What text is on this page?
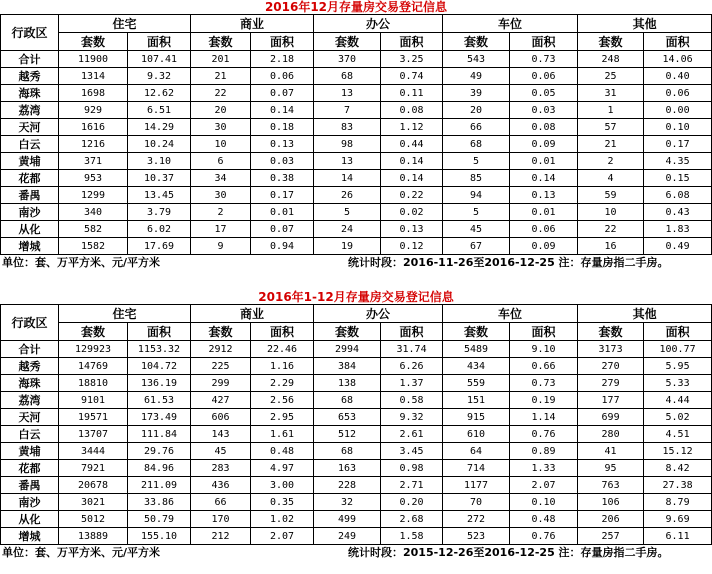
2016年12月存量房交易登记信息
行政区	住宅		商业		办公		车位		其他	
	套数	面积	套数	面积	套数	面积	套数	面积	套数	面积
合计	11900	107.41	201	2.18	370	3.25	543	0.73	248	14.06
越秀	1314	9.32	21	0.06	68	0.74	49	0.06	25	0.40
海珠	1698	12.62	22	0.07	13	0.11	39	0.05	31	0.06
荔湾	929	6.51	20	0.14	7	0.08	20	0.03	1	0.00
天河	1616	14.29	30	0.18	83	1.12	66	0.08	57	0.10
白云	1216	10.24	10	0.13	98	0.44	68	0.09	21	0.17
黄埔	371	3.10	6	0.03	13	0.14	5	0.01	2	4.35
花都	953	10.37	34	0.38	14	0.14	85	0.14	4	0.15
番禺	1299	13.45	30	0.17	26	0.22	94	0.13	59	6.08
南沙	340	3.79	2	0.01	5	0.02	5	0.01	10	0.43
从化	582	6.02	17	0.07	24	0.13	45	0.06	22	1.83
增城	1582	17.69	9	0.94	19	0.12	67	0.09	16	0.49
单位：套、万平方米、元/平方米	统计时段：2016-11-26至2016-12-25 注：存量房指二手房。
2016年1-12月存量房交易登记信息
行政区	住宅		商业		办公		车位		其他	
	套数	面积	套数	面积	套数	面积	套数	面积	套数	面积
合计	129923	1153.32	2912	22.46	2994	31.74	5489	9.10	3173	100.77
越秀	14769	104.72	225	1.16	384	6.26	434	0.66	270	5.95
海珠	18810	136.19	299	2.29	138	1.37	559	0.73	279	5.33
荔湾	9101	61.53	427	2.56	68	0.58	151	0.19	177	4.44
天河	19571	173.49	606	2.95	653	9.32	915	1.14	699	5.02
白云	13707	111.84	143	1.61	512	2.61	610	0.76	280	4.51
黄埔	3444	29.76	45	0.48	68	3.45	64	0.89	41	15.12
花都	7921	84.96	283	4.97	163	0.98	714	1.33	95	8.42
番禺	20678	211.09	436	3.00	228	2.71	1177	2.07	763	27.38
南沙	3021	33.86	66	0.35	32	0.20	70	0.10	106	8.79
从化	5012	50.79	170	1.02	499	2.68	272	0.48	206	9.69
增城	13889	155.10	212	2.07	249	1.58	523	0.76	257	6.11
单位：套、万平方米、元/平方米	统计时段：2015-12-26至2016-12-25 注：存量房指二手房。
